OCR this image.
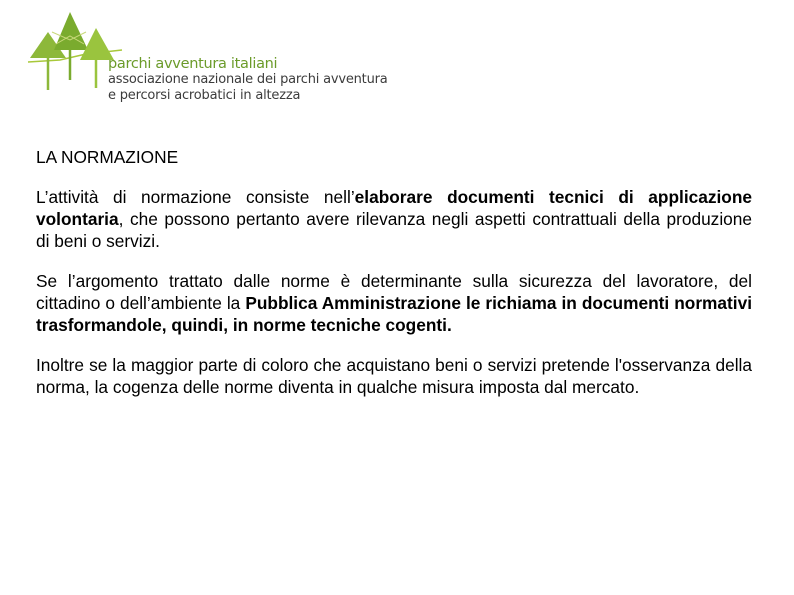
parchi avventura italiani
associazione nazionale dei parchi avventura
e percorsi acrobatici in altezza
LA NORMAZIONE

L’attività di normazione consiste nell’elaborare documenti tecnici di applicazione volontaria, che possono pertanto avere rilevanza negli aspetti contrattuali della produzione di beni o servizi.

Se l’argomento trattato dalle norme è determinante sulla sicurezza del lavoratore, del cittadino o dell’ambiente la Pubblica Amministrazione le richiama in documenti normativi trasformandole, quindi, in norme tecniche cogenti.

Inoltre se la maggior parte di coloro che acquistano beni o servizi pretende l'osservanza della norma, la cogenza delle norme diventa in qualche misura imposta dal mercato.
